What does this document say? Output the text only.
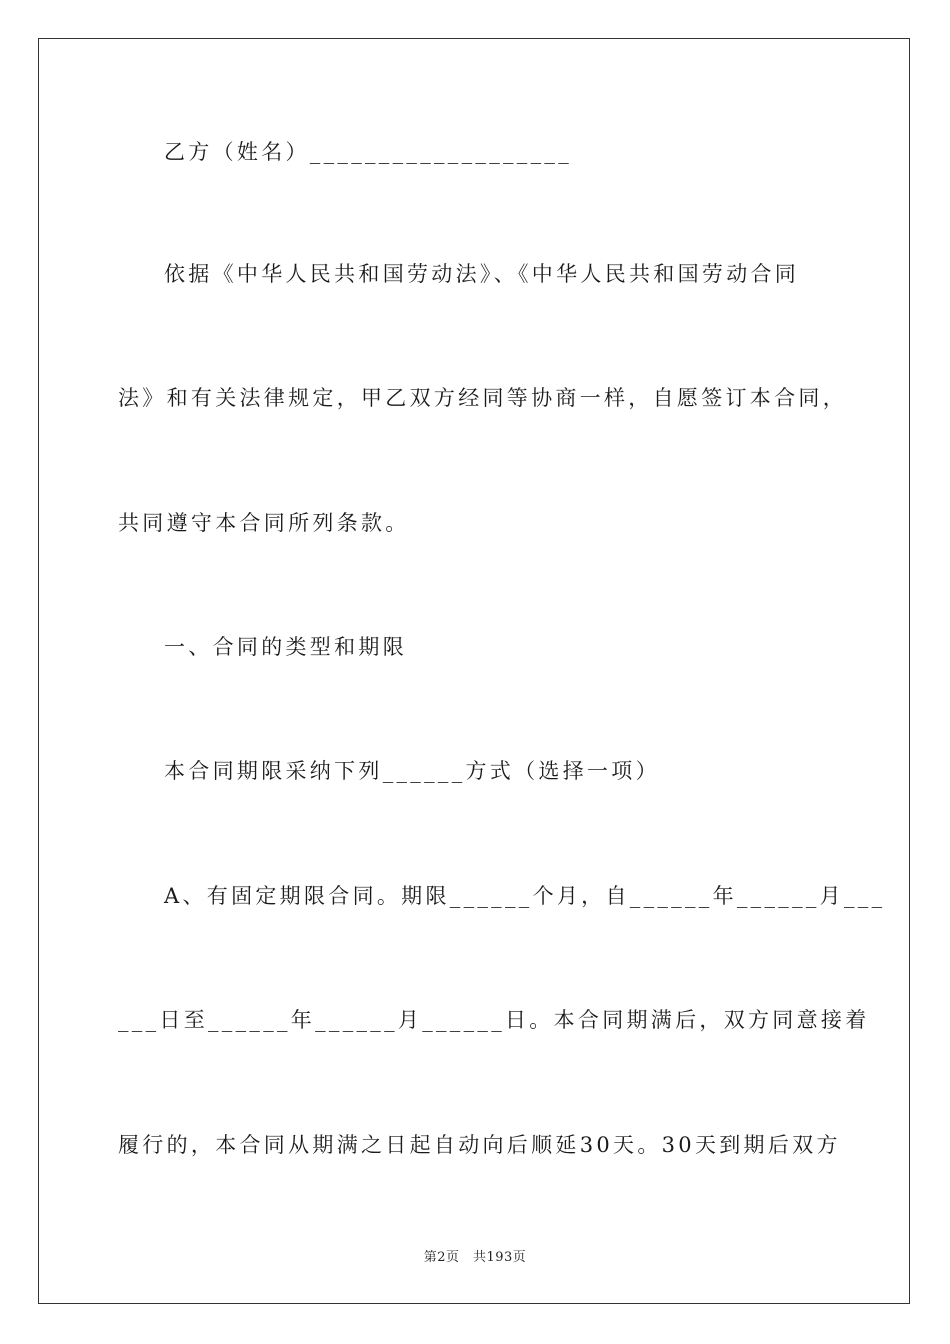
乙方（姓名）___________________
依据《中华人民共和国劳动法》、《中华人民共和国劳动合同
法》和有关法律规定，甲乙双方经同等协商一样，自愿签订本合同，
共同遵守本合同所列条款。
一、合同的类型和期限
本合同期限采纳下列______方式（选择一项）
A、有固定期限合同。期限______个月，自______年______月___
___日至______年______月______日。本合同期满后，双方同意接着
履行的，本合同从期满之日起自动向后顺延30天。30天到期后双方
第2页　共193页
